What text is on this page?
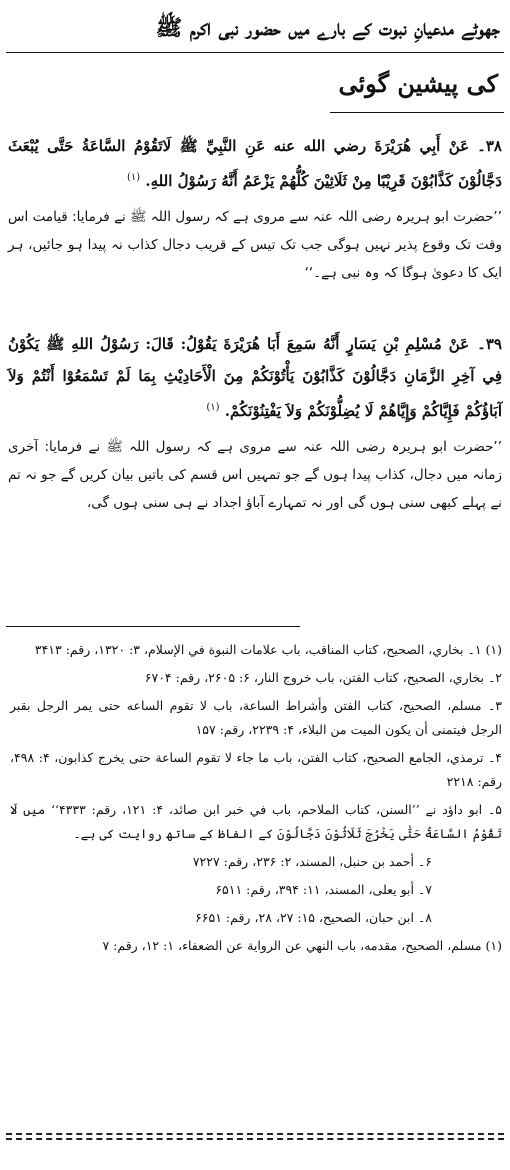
جھوٹے مدعیانِ نبوت کے بارے میں حضور نبی اکرم ﷺ
کی پیشین گوئی
۳۸۔عَنْ أَبِي هُرَيْرَةَ رضي الله عنه عَنِ النَّبِيِّ ﷺ لَاتَقُوْمُ السَّاعَةُ حَتَّى يُبْعَثَ دَجَّالُوْنَ كَذَّابُوْنَ قَرِيْبًا مِنْ ثَلَاثِيْنَ كُلُّهُمْ يَزْعَمُ أَنَّهُ رَسُوْلُ اللهِ. $^{(۱)}$
’’حضرت ابو ہریرہ رضی اللہ عنہ سے مروی ہے کہ رسول اللہ ﷺ نے فرمایا: قیامت اس وقت تک وقوع پذیر نہیں ہوگی جب تک تیس کے قریب دجال کذاب نہ پیدا ہو جائیں، ہر ایک کا دعویٰ ہوگا کہ وہ نبی ہے۔‘‘
۳۹۔عَنْ مُسْلِمِ بْنِ يَسَارٍ أَنَّهُ سَمِعَ أَبَا هُرَيْرَةَ يَقُوْلُ: قَالَ: رَسُوْلُ اللهِ ﷺ يَكُوْنُ فِي آخِرِ الزَّمَانِ دَجَّالُوْنَ كَذَّابُوْنَ يَأْتُوْنَكُمْ مِنَ الْأَحَادِيْثِ بِمَا لَمْ تَسْمَعُوْا أَنْتُمْ وَلاَ آبَاؤُكُمْ فَإِيَّاكُمْ وَإِيَّاهُمْ لَا يُضِلُّوْنَكُمْ وَلاَ يَفْتِنُوْنَكُمْ. $^{(۱)}$
’’حضرت ابو ہریرہ رضی اللہ عنہ سے مروی ہے کہ رسول اللہ ﷺ نے فرمایا: آخری زمانہ میں دجال، کذاب پیدا ہوں گے جو تمہیں اس قسم کی باتیں بیان کریں گے جو نہ تم نے پہلے کبھی سنی ہوں گی اور نہ تمہارے آباؤ اجداد نے ہی سنی ہوں گی،

(۱) ۱۔ بخاري، الصحيح، كتاب المناقب، باب علامات النبوة في الإسلام، ۳: ۱۳۲۰، رقم: ۳۴۱۳

۲۔ بخاري، الصحيح، كتاب الفتن، باب خروج النار، ۶: ۲۶۰۵، رقم: ۶۷۰۴

۳۔ مسلم، الصحيح، كتاب الفتن وأشراط الساعة، باب لا تقوم الساعه حتى يمر الرجل بقبر الرجل فيتمنى أن يكون الميت من البلاء، ۴: ۲۲۳۹، رقم: ۱۵۷

۴۔ ترمذي، الجامع الصحيح، كتاب الفتن، باب ما جاء لا تقوم الساعة حتى يخرج كذابون، ۴: ۴۹۸، رقم: ۲۲۱۸

۵۔ ابو داؤد نے ’’السنن، كتاب الملاحم، باب في خبر ابن صائد، ۴: ۱۲۱، رقم: ۴۳۳۳‘‘ میں لَا تَقُوْمُ السَّاعَةُ حَتّٰى يَخْرُجَ ثَلَاثُوْنَ دَجَّالُوْنَ کے الفاظ کے ساتھ روایت کی ہے۔

۶۔ أحمد بن حنبل، المسند، ۲: ۲۳۶، رقم: ۷۲۲۷

۷۔ أبو يعلى، المسند، ۱۱: ۳۹۴، رقم: ۶۵۱۱

۸۔ ابن حبان، الصحيح، ۱۵: ۲۷، ۲۸، رقم: ۶۶۵۱

(۱) مسلم، الصحيح، مقدمه، باب النهي عن الرواية عن الضعفاء، ۱: ۱۲، رقم: ۷
